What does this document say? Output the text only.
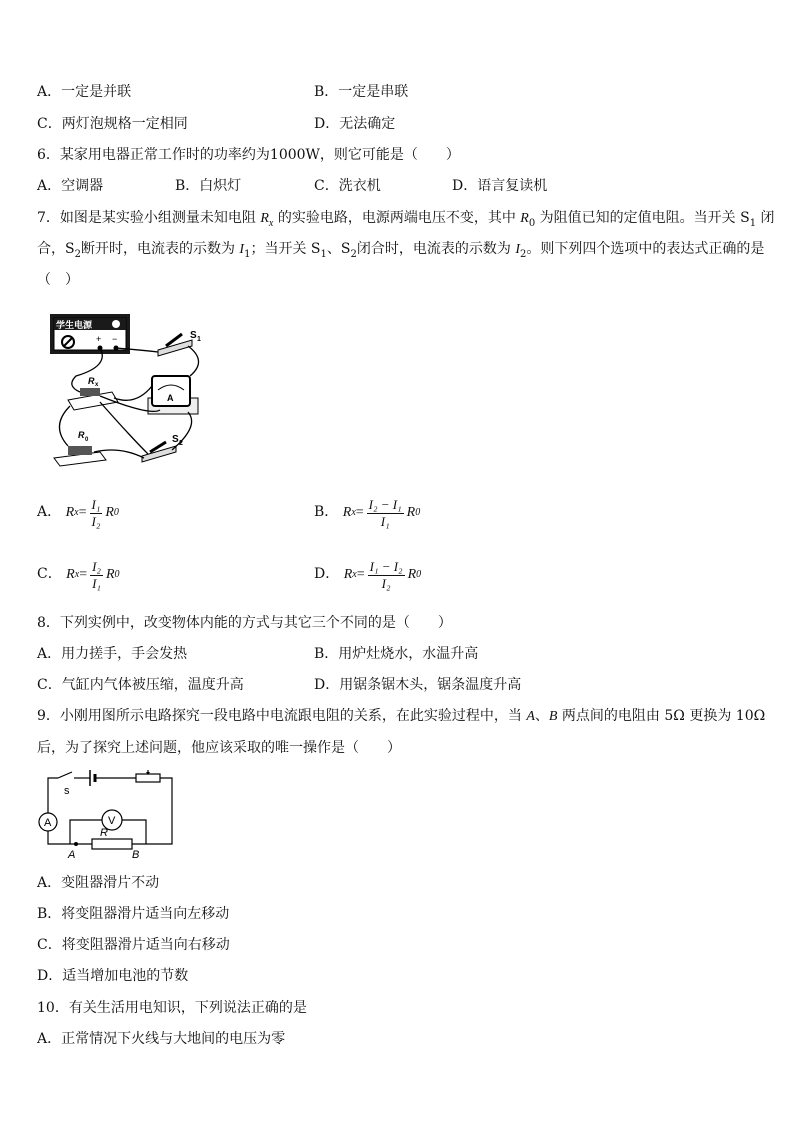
A．一定是并联	B．一定是串联
C．两灯泡规格一定相同	D．无法确定
6．某家用电器正常工作时的功率约为1000W，则它可能是（　　）
A．空调器	B．白炽灯	C．洗衣机	D．语言复读机
7．如图是某实验小组测量未知电阻 $R_x$ 的实验电路，电源两端电压不变，其中 $R_0$ 为阻值已知的定值电阻。当开关 $S_1$ 闭
合，$S_2$断开时，电流表的示数为 $I_1$；当开关 $S_1$、$S_2$闭合时，电流表的示数为 $I_2$。则下列四个选项中的表达式正确的是
（　）
学生电源
+ −	S 1
A
R x
R 0	S 2
A． R $x = \frac{\text{I₁}}{\text{I₂}}$ R 0	B． R $x = \frac{\text{I₂ − I₁}}{\text{I₁}}$ R 0
C． R $x = \frac{\text{I₂}}{\text{I₁}}$ R 0	D． R $x = \frac{\text{I₁ − I₂}}{\text{I₂}}$ R 0
8．下列实例中，改变物体内能的方式与其它三个不同的是（　　）
A．用力搓手，手会发热	B．用炉灶烧水，水温升高
C．气缸内气体被压缩，温度升高	D．用锯条锯木头，锯条温度升高
9．小刚用图所示电路探究一段电路中电流跟电阻的关系，在此实验过程中，当 A、B 两点间的电阻由 5Ω 更换为 10Ω
后，为了探究上述问题，他应该采取的唯一操作是（　　）
A	V
s
R
A	B
A．变阻器滑片不动
B．将变阻器滑片适当向左移动
C．将变阻器滑片适当向右移动
D．适当增加电池的节数
10．有关生活用电知识，下列说法正确的是
A．正常情况下火线与大地间的电压为零
